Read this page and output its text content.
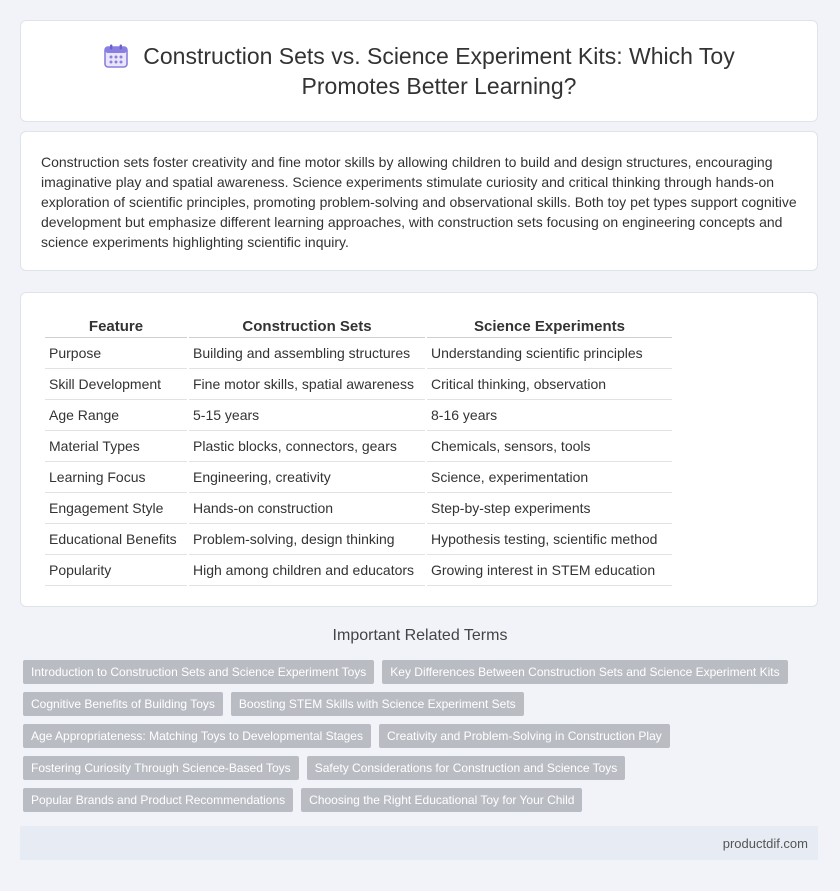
Construction Sets vs. Science Experiment Kits: Which Toy
Promotes Better Learning?

Construction sets foster creativity and fine motor skills by allowing children to build and design structures, encouraging imaginative play and spatial awareness. Science experiments stimulate curiosity and critical thinking through hands-on exploration of scientific principles, promoting problem-solving and observational skills. Both toy pet types support cognitive development but emphasize different learning approaches, with construction sets focusing on engineering concepts and science experiments highlighting scientific inquiry.

Feature	Construction Sets	Science Experiments
Purpose	Building and assembling structures	Understanding scientific principles
Skill Development	Fine motor skills, spatial awareness	Critical thinking, observation
Age Range	5-15 years	8-16 years
Material Types	Plastic blocks, connectors, gears	Chemicals, sensors, tools
Learning Focus	Engineering, creativity	Science, experimentation
Engagement Style	Hands-on construction	Step-by-step experiments
Educational Benefits	Problem-solving, design thinking	Hypothesis testing, scientific method
Popularity	High among children and educators	Growing interest in STEM education
Important Related Terms
Introduction to Construction Sets and Science Experiment Toys	Key Differences Between Construction Sets and Science Experiment Kits
Cognitive Benefits of Building Toys	Boosting STEM Skills with Science Experiment Sets
Age Appropriateness: Matching Toys to Developmental Stages	Creativity and Problem-Solving in Construction Play
Fostering Curiosity Through Science-Based Toys	Safety Considerations for Construction and Science Toys
Popular Brands and Product Recommendations	Choosing the Right Educational Toy for Your Child
productdif.com
